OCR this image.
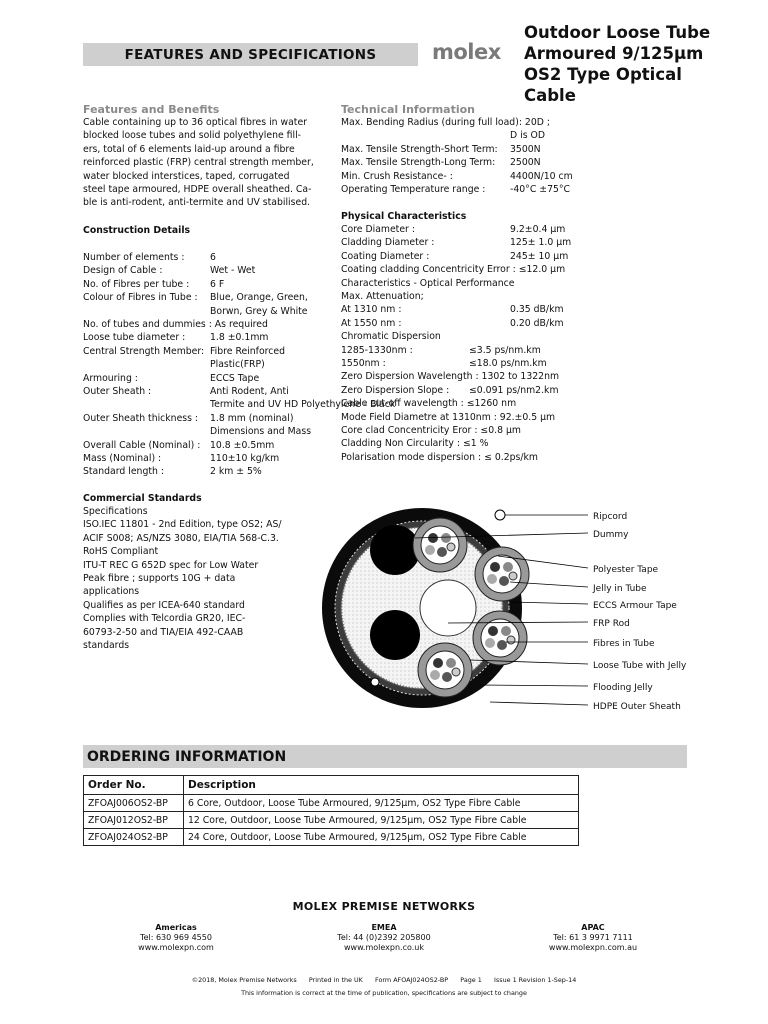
FEATURES AND SPECIFICATIONS	molex
Outdoor Loose Tube
Armoured 9/125µm
OS2 Type Optical
Cable
Features and Benefits
Cable containing up to 36 optical fibres in water
blocked loose tubes and solid polyethylene fill-
ers, total of 6 elements laid-up around a fibre
reinforced plastic (FRP) central strength member,
water blocked interstices, taped, corrugated
steel tape armoured, HDPE overall sheathed. Ca-
ble is anti-rodent, anti-termite and UV stabilised.
Construction Details
Number of elements :	6
Design of Cable :	Wet - Wet
No. of Fibres per tube : 6 F
Colour of Fibres in Tube : Blue, Orange, Green,
Borwn, Grey & White
No. of tubes and dummies : As required
Loose tube diameter :	1.8 ±0.1mm
Central Strength Member: Fibre Reinforced
Plastic(FRP)
Armouring :	ECCS Tape
Outer Sheath :	Anti Rodent, Anti
Termite and UV HD Polyethylene - Black
Outer Sheath thickness : 1.8 mm (nominal)
Dimensions and Mass
Overall Cable (Nominal) : 10.8 ±0.5mm
Mass (Nominal) :	110±10 kg/km
Standard length :	2 km ± 5%
Commercial Standards
Specifications
ISO.IEC 11801 - 2nd Edition, type OS2; AS/
ACIF S008; AS/NZS 3080, EIA/TIA 568-C.3.
RoHS Compliant
ITU-T REC G 652D spec for Low Water
Peak fibre ; supports 10G + data
applications
Qualifies as per ICEA-640 standard
Complies with Telcordia GR20, IEC-
60793-2-50 and TIA/EIA 492-CAAB
standards
Technical Information
Max. Bending Radius (during full load): 20D ;
D is OD
Max. Tensile Strength-Short Term: 3500N
Max. Tensile Strength-Long Term: 2500N
Min. Crush Resistance- :	4400N/10 cm
Operating Temperature range :	-40°C ±75°C
Physical Characteristics
Core Diameter :	9.2±0.4 µm
Cladding Diameter :	125± 1.0 µm
Coating Diameter :	245± 10 µm
Coating cladding Concentricity Error : ≤12.0 µm
Characteristics - Optical Performance
Max. Attenuation;
At 1310 nm :	0.35 dB/km
At 1550 nm :	0.20 dB/km
Chromatic Dispersion
1285-1330nm :	≤3.5 ps/nm.km
1550nm :	≤18.0 ps/nm.km
Zero Dispersion Wavelength : 1302 to 1322nm
Zero Dispersion Slope : ≤0.091 ps/nm2.km
Cable cut-off wavelength : ≤1260 nm
Mode Field Diametre at 1310nm : 92.±0.5 µm
Core clad Concentricity Eror : ≤0.8 µm
Cladding Non Circularity : ≤1 %
Polarisation mode dispersion : ≤ 0.2ps/km
Ripcord
Dummy
Polyester Tape
Jelly in Tube
ECCS Armour Tape
FRP Rod
Fibres in Tube
Loose Tube with Jelly
Flooding Jelly
HDPE Outer Sheath
ORDERING INFORMATION
Order No.	Description
ZFOAJ006OS2-BP	6 Core, Outdoor, Loose Tube Armoured, 9/125µm, OS2 Type Fibre Cable
ZFOAJ012OS2-BP	12 Core, Outdoor, Loose Tube Armoured, 9/125µm, OS2 Type Fibre Cable
ZFOAJ024OS2-BP	24 Core, Outdoor, Loose Tube Armoured, 9/125µm, OS2 Type Fibre Cable
MOLEX PREMISE NETWORKS
Americas
Tel: 630 969 4550
www.molexpn.com
EMEA
Tel: 44 (0)2392 205800
www.molexpn.co.uk
APAC
Tel: 61 3 9971 7111
www.molexpn.com.au
©2018, Molex Premise Networks      Printed in the UK      Form AFOAJ024OS2-BP      Page 1      Issue 1 Revision 1-Sep-14
This information is correct at the time of publication, specifications are subject to change
